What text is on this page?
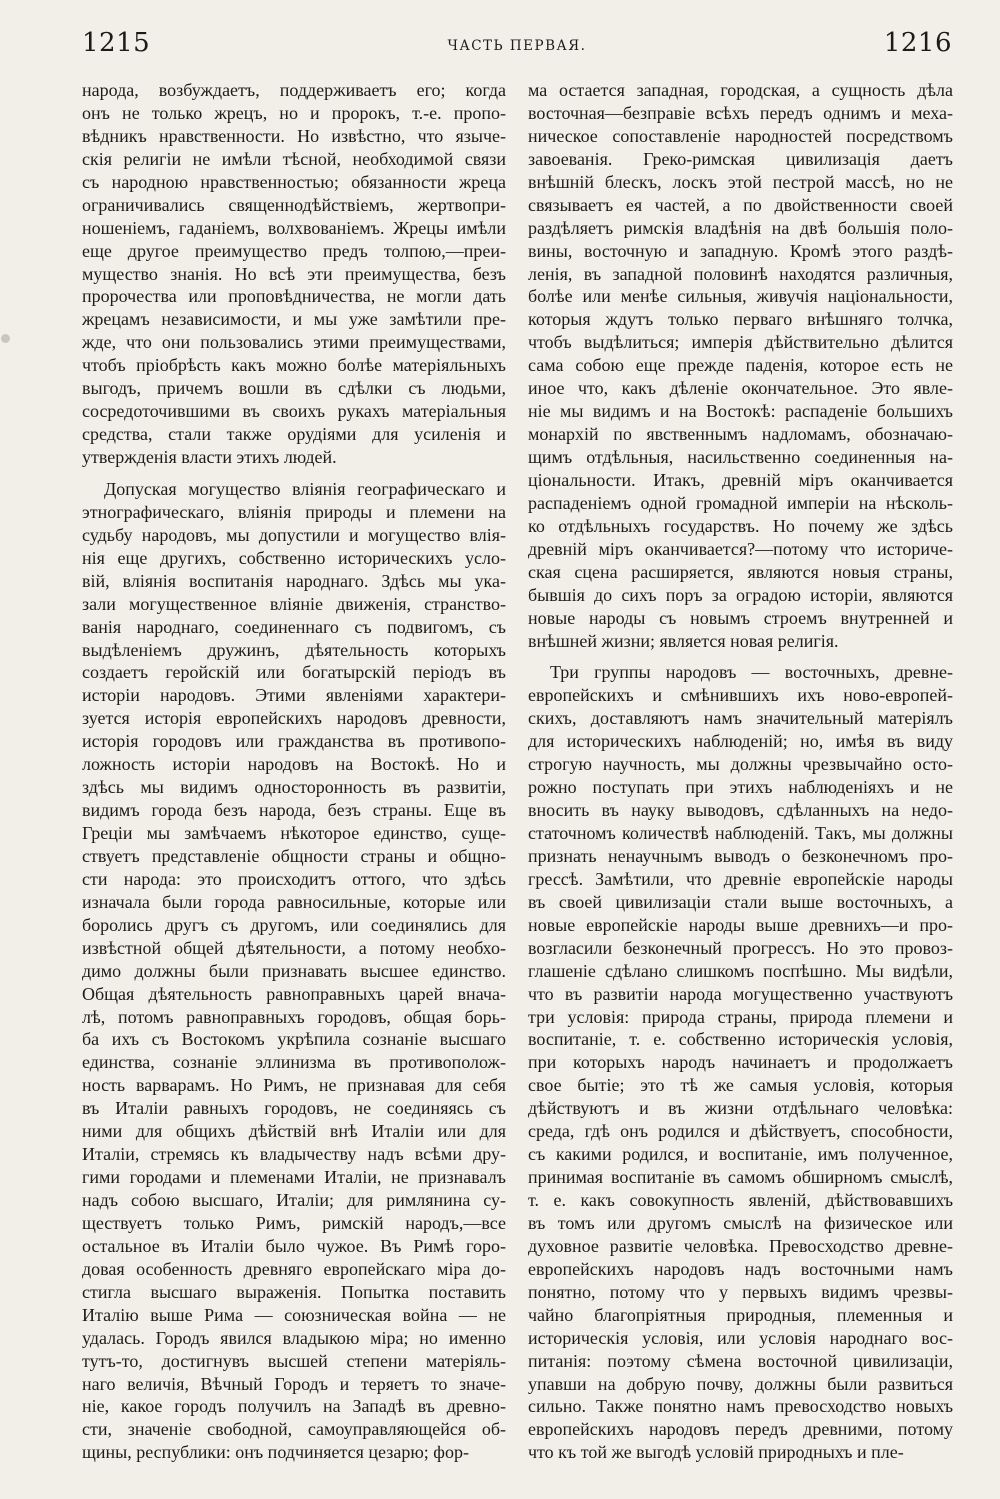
1215	ЧАСТЬ ПЕРВАЯ.	1216
народа, возбуждаетъ, поддерживаетъ его; когда
онъ не только жрецъ, но и пророкъ, т.-е. пропо-
вѣдникъ нравственности. Но извѣстно, что языче-
скія религіи не имѣли тѣсной, необходимой связи
съ народною нравственностью; обязанности жреца
ограничивались священнодѣйствіемъ, жертвопри-
ношеніемъ, гаданіемъ, волхвованіемъ. Жрецы имѣли
еще другое преимущество предъ толпою,—преи-
мущество знанія. Но всѣ эти преимущества, безъ
пророчества или проповѣдничества, не могли дать
жрецамъ независимости, и мы уже замѣтили пре-
жде, что они пользовались этими преимуществами,
чтобъ пріобрѣсть какъ можно болѣе матеріяльныхъ
выгодъ, причемъ вошли въ сдѣлки съ людьми,
сосредоточившими въ своихъ рукахъ матеріальныя
средства, стали также орудіями для усиленія и
утвержденія власти этихъ людей.
Допуская могущество вліянія географическаго и
этнографическаго, вліянія природы и племени на
судьбу народовъ, мы допустили и могущество влія-
нія еще другихъ, собственно историческихъ усло-
вій, вліянія воспитанія народнаго. Здѣсь мы ука-
зали могущественное вліяніе движенія, странство-
ванія народнаго, соединеннаго съ подвигомъ, съ
выдѣленіемъ дружинъ, дѣятельность которыхъ
создаетъ геройскій или богатырскій періодъ въ
исторіи народовъ. Этими явленіями характери-
зуется исторія европейскихъ народовъ древности,
исторія городовъ или гражданства въ противопо-
ложность исторіи народовъ на Востокѣ. Но и
здѣсь мы видимъ односторонность въ развитіи,
видимъ города безъ народа, безъ страны. Еще въ
Греціи мы замѣчаемъ нѣкоторое единство, суще-
ствуетъ представленіе общности страны и общно-
сти народа: это происходитъ оттого, что здѣсь
изначала были города равносильные, которые или
боролись другъ съ другомъ, или соединялись для
извѣстной общей дѣятельности, а потому необхо-
димо должны были признавать высшее единство.
Общая дѣятельность равноправныхъ царей внача-
лѣ, потомъ равноправныхъ городовъ, общая борь-
ба ихъ съ Востокомъ укрѣпила сознаніе высшаго
единства, сознаніе эллинизма въ противополож-
ность варварамъ. Но Римъ, не признавая для себя
въ Италіи равныхъ городовъ, не соединяясь съ
ними для общихъ дѣйствій внѣ Италіи или для
Италіи, стремясь къ владычеству надъ всѣми дру-
гими городами и племенами Италіи, не признавалъ
надъ собою высшаго, Италіи; для римлянина су-
ществуетъ только Римъ, римскій народъ,—все
остальное въ Италіи было чужое. Въ Римѣ горо-
довая особенность древняго европейскаго міра до-
стигла высшаго выраженія. Попытка поставить
Италію выше Рима — союзническая война — не
удалась. Городъ явился владыкою міра; но именно
тутъ-то, достигнувъ высшей степени матеріяль-
наго величія, Вѣчный Городъ и теряетъ то значе-
ніе, какое городъ получилъ на Западѣ въ древно-
сти, значеніе свободной, самоуправляющейся об-
щины, республики: онъ подчиняется цезарю; фор-
ма остается западная, городская, а сущность дѣла
восточная—безправіе всѣхъ передъ однимъ и меха-
ническое сопоставленіе народностей посредствомъ
завоеванія. Греко-римская цивилизація даетъ
внѣшній блескъ, лоскъ этой пестрой массѣ, но не
связываетъ ея частей, а по двойственности своей
раздѣляетъ римскія владѣнія на двѣ большія поло-
вины, восточную и западную. Кромѣ этого раздѣ-
ленія, въ западной половинѣ находятся различныя,
болѣе или менѣе сильныя, живучія національности,
которыя ждутъ только перваго внѣшняго толчка,
чтобъ выдѣлиться; имперія дѣйствительно дѣлится
сама собою еще прежде паденія, которое есть не
иное что, какъ дѣленіе окончательное. Это явле-
ніе мы видимъ и на Востокѣ: распаденіе большихъ
монархій по явственнымъ надломамъ, обозначаю-
щимъ отдѣльныя, насильственно соединенныя на-
ціональности. Итакъ, древній міръ оканчивается
распаденіемъ одной громадной имперіи на нѣсколь-
ко отдѣльныхъ государствъ. Но почему же здѣсь
древній міръ оканчивается?—потому что историче-
ская сцена расширяется, являются новыя страны,
бывшія до сихъ поръ за оградою исторіи, являются
новые народы съ новымъ строемъ внутренней и
внѣшней жизни; является новая религія.
Три группы народовъ — восточныхъ, древне-
европейскихъ и смѣнившихъ ихъ ново-европей-
скихъ, доставляютъ намъ значительный матеріялъ
для историческихъ наблюденій; но, имѣя въ виду
строгую научность, мы должны чрезвычайно осто-
рожно поступать при этихъ наблюденіяхъ и не
вносить въ науку выводовъ, сдѣланныхъ на недо-
статочномъ количествѣ наблюденій. Такъ, мы должны
признать ненаучнымъ выводъ о безконечномъ про-
грессѣ. Замѣтили, что древніе европейскіе народы
въ своей цивилизаціи стали выше восточныхъ, а
новые европейскіе народы выше древнихъ—и про-
возгласили безконечный прогрессъ. Но это провоз-
глашеніе сдѣлано слишкомъ поспѣшно. Мы видѣли,
что въ развитіи народа могущественно участвуютъ
три условія: природа страны, природа племени и
воспитаніе, т. е. собственно историческія условія,
при которыхъ народъ начинаетъ и продолжаетъ
свое бытіе; это тѣ же самыя условія, которыя
дѣйствуютъ и въ жизни отдѣльнаго человѣка:
среда, гдѣ онъ родился и дѣйствуетъ, способности,
съ какими родился, и воспитаніе, имъ полученное,
принимая воспитаніе въ самомъ обширномъ смыслѣ,
т. е. какъ совокупность явленій, дѣйствовавшихъ
въ томъ или другомъ смыслѣ на физическое или
духовное развитіе человѣка. Превосходство древне-
европейскихъ народовъ надъ восточными намъ
понятно, потому что у первыхъ видимъ чрезвы-
чайно благопріятныя природныя, племенныя и
историческія условія, или условія народнаго вос-
питанія: поэтому сѣмена восточной цивилизаціи,
упавши на добрую почву, должны были развиться
сильно. Также понятно намъ превосходство новыхъ
европейскихъ народовъ передъ древними, потому
что къ той же выгодѣ условій природныхъ и пле-
